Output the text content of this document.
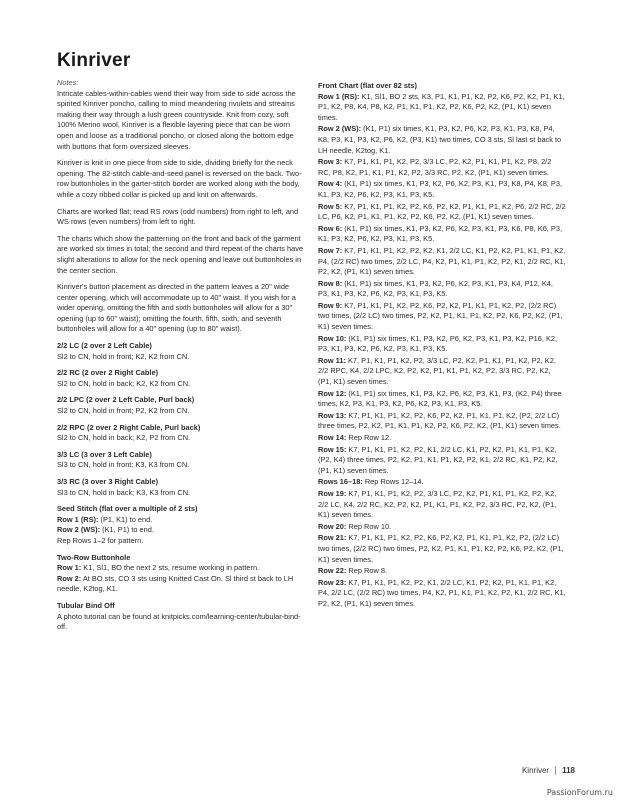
Kinriver

Notes:

Intricate cables-within-cables wend their way from side to side across the spirited Kinriver poncho, calling to mind meandering rivulets and streams making their way through a lush green countryside. Knit from cozy, soft 100% Merino wool, Kinriver is a flexible layering piece that can be worn open and loose as a traditional poncho, or closed along the bottom edge with buttons that form oversized sleeves.

Kinriver is knit in one piece from side to side, dividing briefly for the neck opening. The 82-stitch cable-and-seed panel is reversed on the back. Two-row buttonholes in the garter-stitch border are worked along with the body, while a cozy ribbed collar is picked up and knit on afterwards.

Charts are worked flat; read RS rows (odd numbers) from right to left, and WS rows (even numbers) from left to right.

The charts which show the patterning on the front and back of the garment are worked six times in total; the second and third repeat of the charts have slight alterations to allow for the neck opening and leave out buttonholes in the center section.

Kinriver's button placement as directed in the pattern leaves a 20" wide center opening, which will accommodate up to 40" waist. If you wish for a wider opening, omitting the fifth and sixth buttonholes will allow for a 30" opening (up to 60" waist); omitting the fourth, fifth, sixth, and seventh buttonholes will allow for a 40" opening (up to 80" waist).

2/2 LC (2 over 2 Left Cable)
Sl2 to CN, hold in front; K2, K2 from CN.
2/2 RC (2 over 2 Right Cable)
Sl2 to CN, hold in back; K2, K2 from CN.
2/2 LPC (2 over 2 Left Cable, Purl back)
Sl2 to CN, hold in front; P2, K2 from CN.
2/2 RPC (2 over 2 Right Cable, Purl back)
Sl2 to CN, hold in back; K2, P2 from CN.
3/3 LC (3 over 3 Left Cable)
Sl3 to CN, hold in front; K3, K3 from CN.
3/3 RC (3 over 3 Right Cable)
Sl3 to CN, hold in back; K3, K3 from CN.
Seed Stitch (flat over a multiple of 2 sts)
Row 1 (RS): (P1, K1) to end.
Row 2 (WS): (K1, P1) to end.
Rep Rows 1–2 for pattern.
Two-Row Buttonhole
Row 1: K1, Sl1, BO the next 2 sts, resume working in pattern.
Row 2: At BO sts, CO 3 sts using Knitted Cast On. Sl third st back to LH needle, K2tog, K1.
Tubular Bind Off
A photo tutorial can be found at knitpicks.com/learning-center/tubular-bind-off.
Front Chart (flat over 82 sts)
Row 1 (RS): K1, Sl1, BO 2 sts, K3, P1, K1, P1, K2, P2, K6, P2, K2, P1, K1, P1, K2, P8, K4, P8, K2, P1, K1, P1, K2, P2, K6, P2, K2, (P1, K1) seven times.
Row 2 (WS): (K1, P1) six times, K1, P3, K2, P6, K2, P3, K1, P3, K8, P4, K8, P3, K1, P3, K2, P6, K2, (P3, K1) two times, CO 3 sts, Sl last st back to LH needle, K2tog, K1.
Row 3: K7, P1, K1, P1, K2, P2, 3/3 LC, P2, K2, P1, K1, P1, K2, P8, 2/2 RC, P8, K2, P1, K1, P1, K2, P2, 3/3 RC, P2, K2, (P1, K1) seven times.
Row 4: (K1, P1) six times, K1, P3, K2, P6, K2, P3, K1, P3, K8, P4, K8, P3, K1, P3, K2, P6, K2, P3, K1, P3, K5.
Row 5: K7, P1, K1, P1, K2, P2, K6, P2, K2, P1, K1, P1, K2, P6, 2/2 RC, 2/2 LC, P6, K2, P1, K1, P1, K2, P2, K6, P2, K2, (P1, K1) seven times.
Row 6: (K1, P1) six times, K1, P3, K2, P6, K2, P3, K1, P3, K6, P8, K6, P3, K1, P3, K2, P6, K2, P3, K1, P3, K5.
Row 7: K7, P1, K1, P1, K2, P2, K2, K1, 2/2 LC, K1, P2, K2, P1, K1, P1, K2, P4, (2/2 RC) two times, 2/2 LC, P4, K2, P1, K1, P1, K2, P2, K1, 2/2 RC, K1, P2, K2, (P1, K1) seven times.
Row 8: (K1, P1) six times, K1, P3, K2, P6, K2, P3, K1, P3, K4, P12, K4, P3, K1, P3, K2, P6, K2, P3, K1, P3, K5.
Row 9: K7, P1, K1, P1, K2, P2, K6, P2, K2, P1, K1, P1, K2, P2, (2/2 RC) two times, (2/2 LC) two times, P2, K2, P1, K1, P1, K2, P2, K6, P2, K2, (P1, K1) seven times.
Row 10: (K1, P1) six times, K1, P3, K2, P6, K2, P3, K1, P3, K2, P16, K2, P3, K1, P3, K2, P6, K2, P3, K1, P3, K5.
Row 11: K7, P1, K1, P1, K2, P2, 3/3 LC, P2, K2, P1, K1, P1, K2, P2, K2, 2/2 RPC, K4, 2/2 LPC, K2, P2, K2, P1, K1, P1, K2, P2, 3/3 RC, P2, K2, (P1, K1) seven times.
Row 12: (K1, P1) six times, K1, P3, K2, P6, K2, P3, K1, P3, (K2, P4) three times, K2, P3, K1, P3, K2, P6, K2, P3, K1, P3, K5.
Row 13: K7, P1, K1, P1, K2, P2, K6, P2, K2, P1, K1, P1, K2, (P2, 2/2 LC) three times, P2, K2, P1, K1, P1, K2, P2, K6, P2, K2, (P1, K1) seven times.
Row 14: Rep Row 12.
Row 15: K7, P1, K1, P1, K2, P2, K1, 2/2 LC, K1, P2, K2, P1, K1, P1, K2, (P2, K4) three times, P2, K2, P1, K1, P1, K2, P2, K1, 2/2 RC, K1, P2, K2, (P1, K1) seven times.
Rows 16–18: Rep Rows 12–14.
Row 19: K7, P1, K1, P1, K2, P2, 3/3 LC, P2, K2, P1, K1, P1, K2, P2, K2, 2/2 LC, K4, 2/2 RC, K2, P2, K2, P1, K1, P1, K2, P2, 3/3 RC, P2, K2, (P1, K1) seven times.
Row 20: Rep Row 10.
Row 21: K7, P1, K1, P1, K2, P2, K6, P2, K2, P1, K1, P1, K2, P2, (2/2 LC) two times, (2/2 RC) two times, P2, K2, P1, K1, P1, K2, P2, K6, P2, K2, (P1, K1) seven times.
Row 22: Rep Row 8.
Row 23: K7, P1, K1, P1, K2, P2, K1, 2/2 LC, K1, P2, K2, P1, K1, P1, K2, P4, 2/2 LC, (2/2 RC) two times, P4, K2, P1, K1, P1, K2, P2, K1, 2/2 RC, K1, P2, K2, (P1, K1) seven times.
Kinriver 118
PassionForum.ru
